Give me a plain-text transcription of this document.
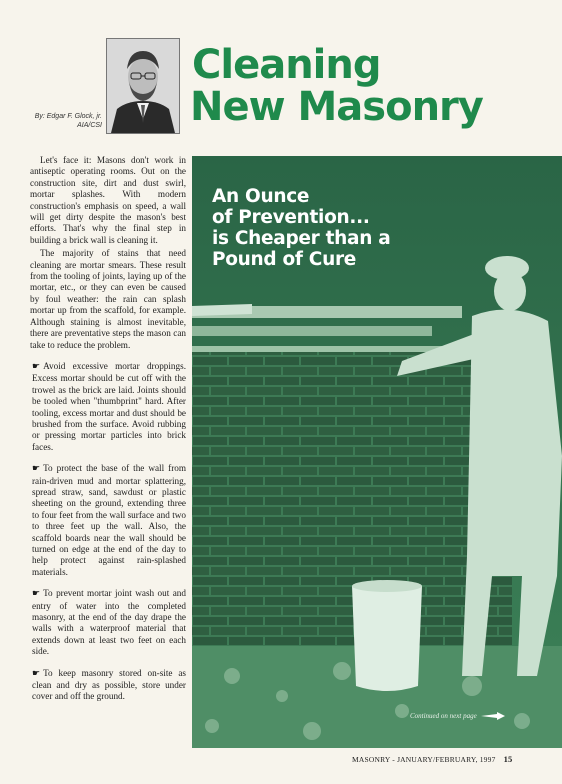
By: Edgar F. Glock, jr.
AIA/CSI
Cleaning
New Masonry

Let's face it: Masons don't work in antiseptic operating rooms. Out on the construction site, dirt and dust swirl, mortar splashes. With modern construction's emphasis on speed, a wall will get dirty despite the mason's best efforts. That's why the final step in building a brick wall is cleaning it.

The majority of stains that need cleaning are mortar smears. These result from the tooling of joints, laying up of the mortar, etc., or they can even be caused by foul weather: the rain can splash mortar up from the scaffold, for example. Although staining is almost inevitable, there are preventative steps the mason can take to reduce the problem.

☛ Avoid excessive mortar droppings. Excess mortar should be cut off with the trowel as the brick are laid. Joints should be tooled when "thumbprint" hard. After tooling, excess mortar and dust should be brushed from the surface. Avoid rubbing or pressing mortar particles into brick faces.

☛ To protect the base of the wall from rain-driven mud and mortar splattering, spread straw, sand, sawdust or plastic sheeting on the ground, extending three to four feet from the wall surface and two to three feet up the wall. Also, the scaffold boards near the wall should be turned on edge at the end of the day to help protect against rain-splashed materials.

☛ To prevent mortar joint wash out and entry of water into the completed masonry, at the end of the day drape the walls with a waterproof material that extends down at least two feet on each side.

☛ To keep masonry stored on-site as clean and dry as possible, store under cover and off the ground.

An Ounce
of Prevention...
is Cheaper than a
Pound of Cure
Continued on next page
MASONRY - JANUARY/FEBRUARY, 1997 15
